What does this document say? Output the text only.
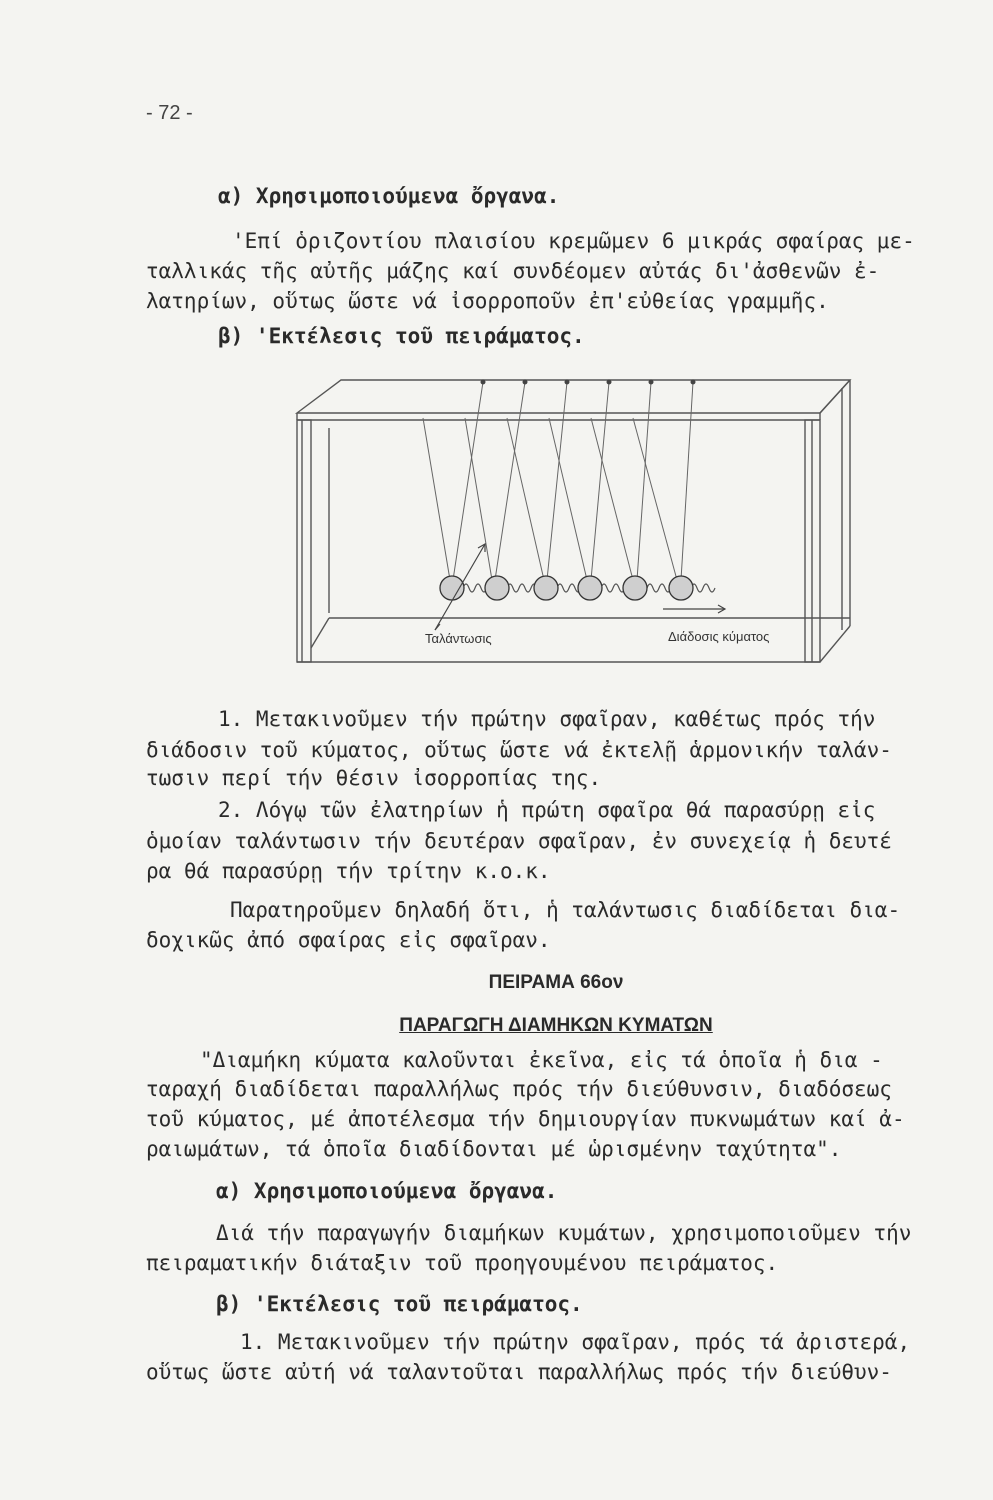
- 72 -
α) Χρησιμοποιούμενα ὄργανα.
'Επί ὁριζοντίου πλαισίου κρεμῶμεν 6 μικράς σφαίρας με-
ταλλικάς τῆς αὐτῆς μάζης καί συνδέομεν αὐτάς δι'ἀσθενῶν ἐ-
λατηρίων, οὕτως ὥστε νά ἰσορροποῦν ἐπ'εὐθείας γραμμῆς.
β) 'Εκτέλεσις τοῦ πειράματος.
Ταλάντωσις	Διάδοσις κύματος
1. Μετακινοῦμεν τήν πρώτην σφαῖραν, καθέτως πρός τήν
διάδοσιν τοῦ κύματος, οὕτως ὥστε νά ἐκτελῇ ἁρμονικήν ταλάν-
τωσιν περί τήν θέσιν ἰσορροπίας της.
2. Λόγῳ τῶν ἐλατηρίων ἡ πρώτη σφαῖρα θά παρασύρῃ εἰς
ὁμοίαν ταλάντωσιν τήν δευτέραν σφαῖραν, ἐν συνεχείᾳ ἡ δευτέ
ρα θά παρασύρῃ τήν τρίτην κ.ο.κ.
Παρατηροῦμεν δηλαδή ὅτι, ἡ ταλάντωσις διαδίδεται δια-
δοχικῶς ἀπό σφαίρας εἰς σφαῖραν.
ΠΕΙΡΑΜΑ 66ον
ΠΑΡΑΓΩΓΗ ΔΙΑΜΗΚΩΝ ΚΥΜΑΤΩΝ
"Διαμήκη κύματα καλοῦνται ἐκεῖνα, εἰς τά ὁποῖα ἡ δια -
ταραχή διαδίδεται παραλλήλως πρός τήν διεύθυνσιν, διαδόσεως
τοῦ κύματος, μέ ἀποτέλεσμα τήν δημιουργίαν πυκνωμάτων καί ἀ-
ραιωμάτων, τά ὁποῖα διαδίδονται μέ ὡρισμένην ταχύτητα".
α) Χρησιμοποιούμενα ὄργανα.
Διά τήν παραγωγήν διαμήκων κυμάτων, χρησιμοποιοῦμεν τήν
πειραματικήν διάταξιν τοῦ προηγουμένου πειράματος.
β) 'Εκτέλεσις τοῦ πειράματος.
1. Μετακινοῦμεν τήν πρώτην σφαῖραν, πρός τά ἀριστερά,
οὕτως ὥστε αὐτή νά ταλαντοῦται παραλλήλως πρός τήν διεύθυν-
